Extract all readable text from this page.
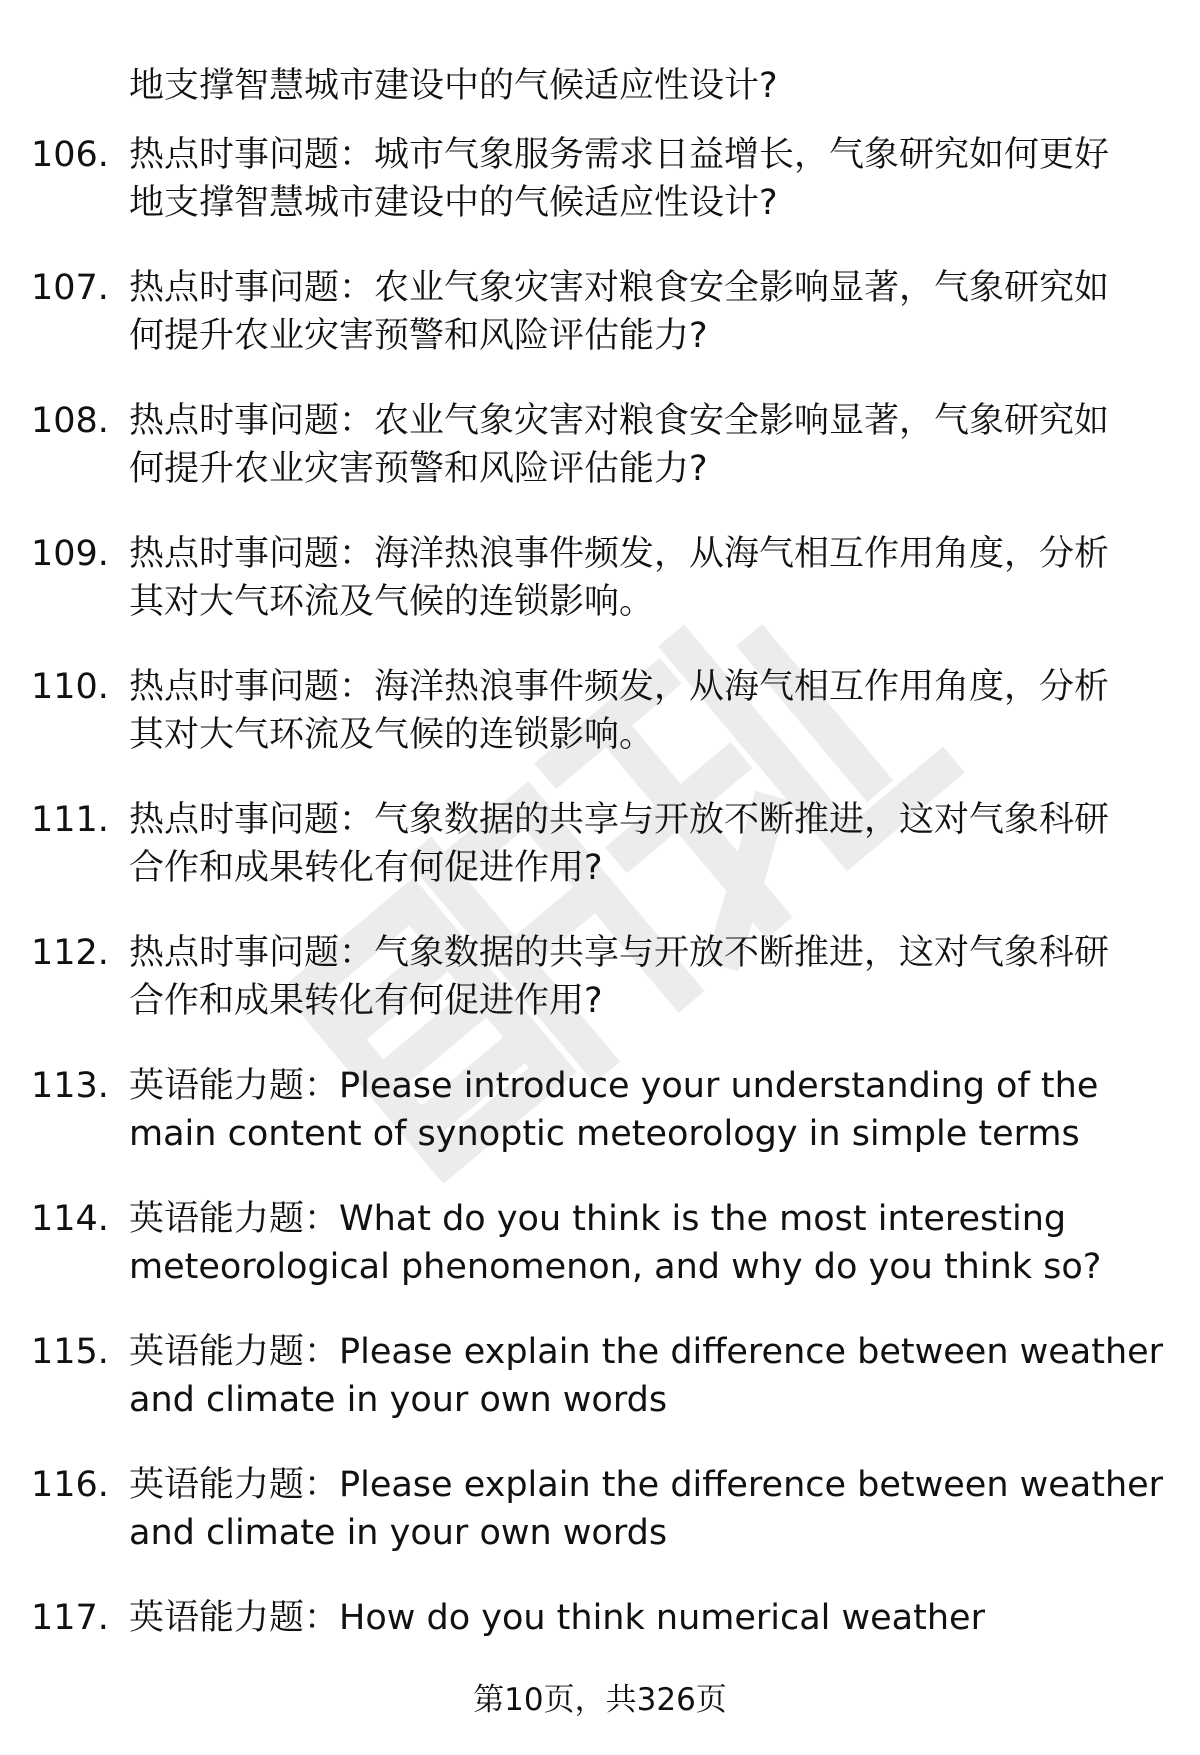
地支撑智慧城市建设中的气候适应性设计?
106. 热点时事问题：城市气象服务需求日益增长，气象研究如何更好
地支撑智慧城市建设中的气候适应性设计?
107. 热点时事问题：农业气象灾害对粮食安全影响显著，气象研究如
何提升农业灾害预警和风险评估能力?
108. 热点时事问题：农业气象灾害对粮食安全影响显著，气象研究如
何提升农业灾害预警和风险评估能力?
109. 热点时事问题：海洋热浪事件频发，从海气相互作用角度，分析
其对大气环流及气候的连锁影响。
110. 热点时事问题：海洋热浪事件频发，从海气相互作用角度，分析
其对大气环流及气候的连锁影响。
111. 热点时事问题：气象数据的共享与开放不断推进，这对气象科研
合作和成果转化有何促进作用?
112. 热点时事问题：气象数据的共享与开放不断推进，这对气象科研
合作和成果转化有何促进作用?
113. 英语能力题：Please introduce your understanding of the
main content of synoptic meteorology in simple terms
114. 英语能力题：What do you think is the most interesting
meteorological phenomenon, and why do you think so?
115. 英语能力题：Please explain the difference between weather
and climate in your own words
116. 英语能力题：Please explain the difference between weather
and climate in your own words
117. 英语能力题：How do you think numerical weather
第10页，共326页
